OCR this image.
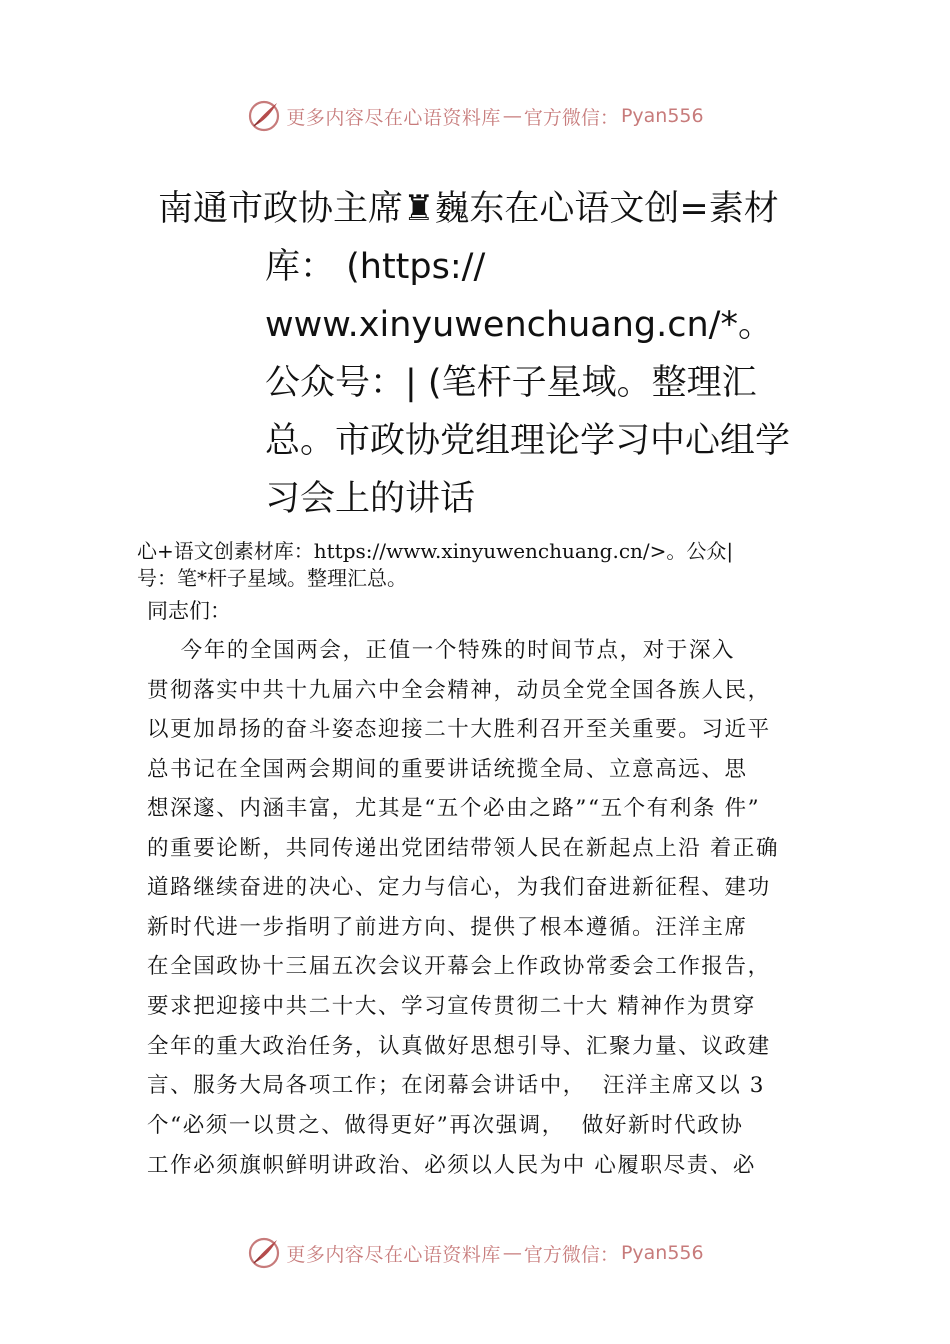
更多内容尽在心语资料库 — 官方微信： Pyan556
南通市政协主席♜巍东在心语文创=素材
库： (https://
www.xinyuwenchuang.cn/*。
公众号：| (笔杆子星域。整理汇
总。市政协党组理论学习中心组学
习会上的讲话
心+语文创素材库：https://www.xinyuwenchuang.cn/>。公众|
号：笔*杆子星域。整理汇总。
同志们：
今年的全国两会，正值一个特殊的时间节点，对于深入
贯彻落实中共十九届六中全会精神，动员全党全国各族人民，
以更加昂扬的奋斗姿态迎接二十大胜利召开至关重要。习近平
总书记在全国两会期间的重要讲话统揽全局、立意高远、思
想深邃、内涵丰富，尤其是“五个必由之路”“五个有利条 件”
的重要论断，共同传递出党团结带领人民在新起点上沿 着正确
道路继续奋进的决心、定力与信心，为我们奋进新征程、建功
新时代进一步指明了前进方向、提供了根本遵循。汪洋主席
在全国政协十三届五次会议开幕会上作政协常委会工作报告，
要求把迎接中共二十大、学习宣传贯彻二十大 精神作为贯穿
全年的重大政治任务，认真做好思想引导、汇聚力量、议政建
言、服务大局各项工作；在闭幕会讲话中，  汪洋主席又以 3
个“必须一以贯之、做得更好”再次强调，  做好新时代政协
工作必须旗帜鲜明讲政治、必须以人民为中 心履职尽责、必
更多内容尽在心语资料库 — 官方微信： Pyan556
